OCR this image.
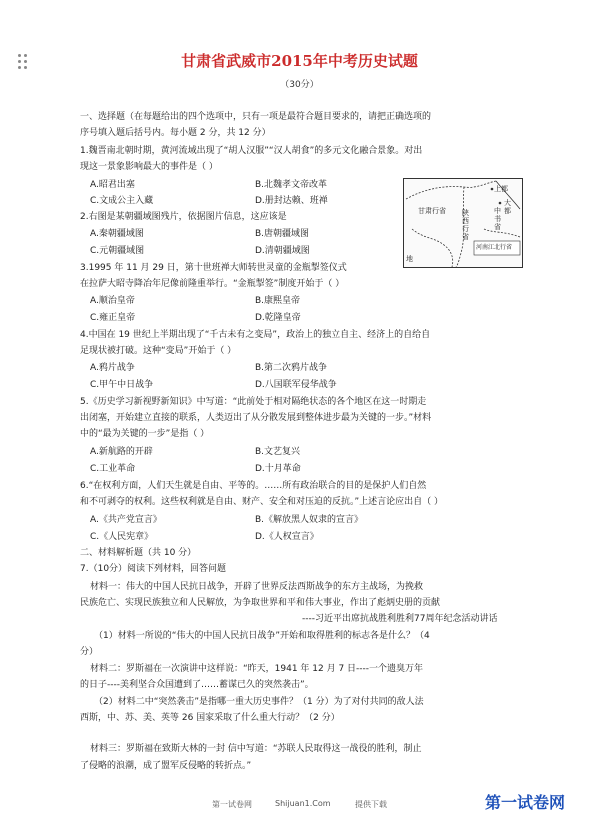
甘肃省武威市2015年中考历史试题
（30分）
一、选择题（在每题给出的四个选项中，只有一项是最符合题目要求的，请把正确选项的
序号填入题后括号内。每小题 2 分，共 12 分）
1.魏晋南北朝时期，黄河流域出现了“胡人汉服”“汉人胡食”的多元文化融合景象。对出
现这一景象影响最大的事件是（ ）
A.昭君出塞	B.北魏孝文帝改革
C.文成公主入藏	D.册封达赖、班禅
2.右图是某朝疆域图残片，依据图片信息，这应该是
A.秦朝疆域图	B.唐朝疆域图
C.元朝疆域图	D.清朝疆域图
甘肃行省 陕西行省
中书省
上都
大都
河南江北行省
地
3.1995 年 11 月 29 日，第十世班禅大师转世灵童的金瓶掣签仪式
在拉萨大昭寺降冶年尼像前隆重举行。“金瓶掣签”制度开始于（ ）
A.顺治皇帝	B.康熙皇帝
C.雍正皇帝	D.乾隆皇帝
4.中国在 19 世纪上半期出现了“千古未有之变局”，政治上的独立自主、经济上的自给自
足现状被打破。这种“变局”开始于（ ）
A.鸦片战争	B.第二次鸦片战争
C.甲午中日战争	D.八国联军侵华战争
5.《历史学习新视野新知识》中写道：“此前处于相对隔绝状态的各个地区在这一时期走
出闭塞，开始建立直接的联系，人类迈出了从分散发展到整体进步最为关键的一步。”材料
中的“最为关键的一步”是指（ ）
A.新航路的开辟	B.文艺复兴
C.工业革命	D.十月革命
6.“在权利方面，人们天生就是自由、平等的。……所有政治联合的目的是保护人们自然
和不可剥夺的权利。这些权利就是自由、财产、安全和对压迫的反抗。”上述言论应出自（ ）
A.《共产党宣言》	B.《解放黑人奴隶的宣言》
C.《人民宪章》	D.《人权宣言》
二、材料解析题（共 10 分）
7.（10分）阅读下列材料，回答问题
材料一：伟大的中国人民抗日战争，开辟了世界反法西斯战争的东方主战场，为挽救
民族危亡、实现民族独立和人民解放，为争取世界和平和伟大事业，作出了彪炳史册的贡献
----习近平出席抗战胜利胜利77周年纪念活动讲话
（1）材料一所说的“伟大的中国人民抗日战争”开始和取得胜利的标志各是什么？（4
分）
材料二：罗斯福在一次演讲中这样说：“昨天，1941 年 12 月 7 日----一个遗臭万年
的日子----美利坚合众国遭到了……蓄谋已久的突然袭击”。
（2）材料二中“突然袭击”是指哪一重大历史事件？（1 分）为了对付共同的敌人法
西斯，中、苏、美、英等 26 国家采取了什么重大行动？（2 分）
材料三：罗斯福在致斯大林的一封 信中写道：“苏联人民取得这一战役的胜利，制止
了侵略的浪潮，成了盟军反侵略的转折点。”
第一试卷网	Shijuan1.Com	提供下载	第一试卷网
